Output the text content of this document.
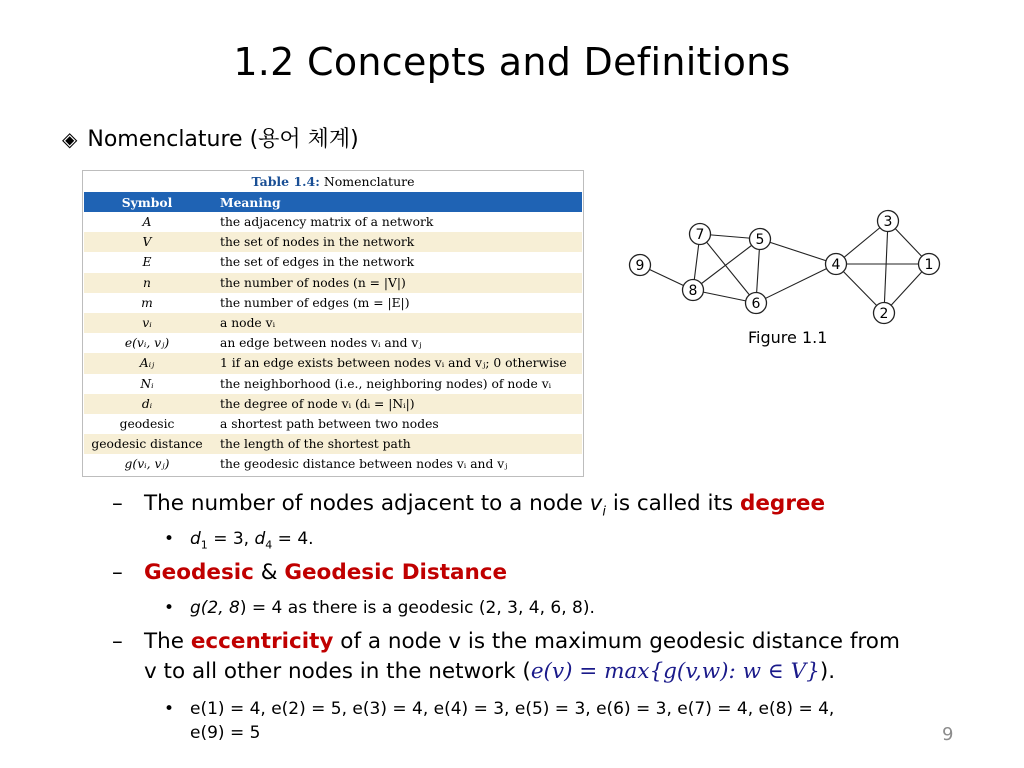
1.2 Concepts and Definitions
◈ Nomenclature (용어 체계)
Table 1.4: Nomenclature
Symbol	Meaning
A	the adjacency matrix of a network
V	the set of nodes in the network
E	the set of edges in the network
n	the number of nodes (n = |V|)
m	the number of edges (m = |E|)
vᵢ	a node vᵢ
e(vᵢ, vⱼ)	an edge between nodes vᵢ and vⱼ
Aᵢⱼ	1 if an edge exists between nodes vᵢ and vⱼ; 0 otherwise
Nᵢ	the neighborhood (i.e., neighboring nodes) of node vᵢ
dᵢ	the degree of node vᵢ (dᵢ = |Nᵢ|)
geodesic	a shortest path between two nodes
geodesic distance	the length of the shortest path
g(vᵢ, vⱼ)	the geodesic distance between nodes vᵢ and vⱼ
1
2
3
4
5
6
7
8
9
Figure 1.1
– The number of nodes adjacent to a node $v_i$ is called its degree
• $d_1 = 3$, $d_4 = 4$.
– Geodesic & Geodesic Distance
• g(2, 8) = 4 as there is a geodesic (2, 3, 4, 6, 8).
– The eccentricity of a node v is the maximum geodesic distance from
v to all other nodes in the network (e(v) = max{g(v,w): w ∈ V}).
• e(1) = 4, e(2) = 5, e(3) = 4, e(4) = 3, e(5) = 3, e(6) = 3, e(7) = 4, e(8) = 4,
e(9) = 5	9
